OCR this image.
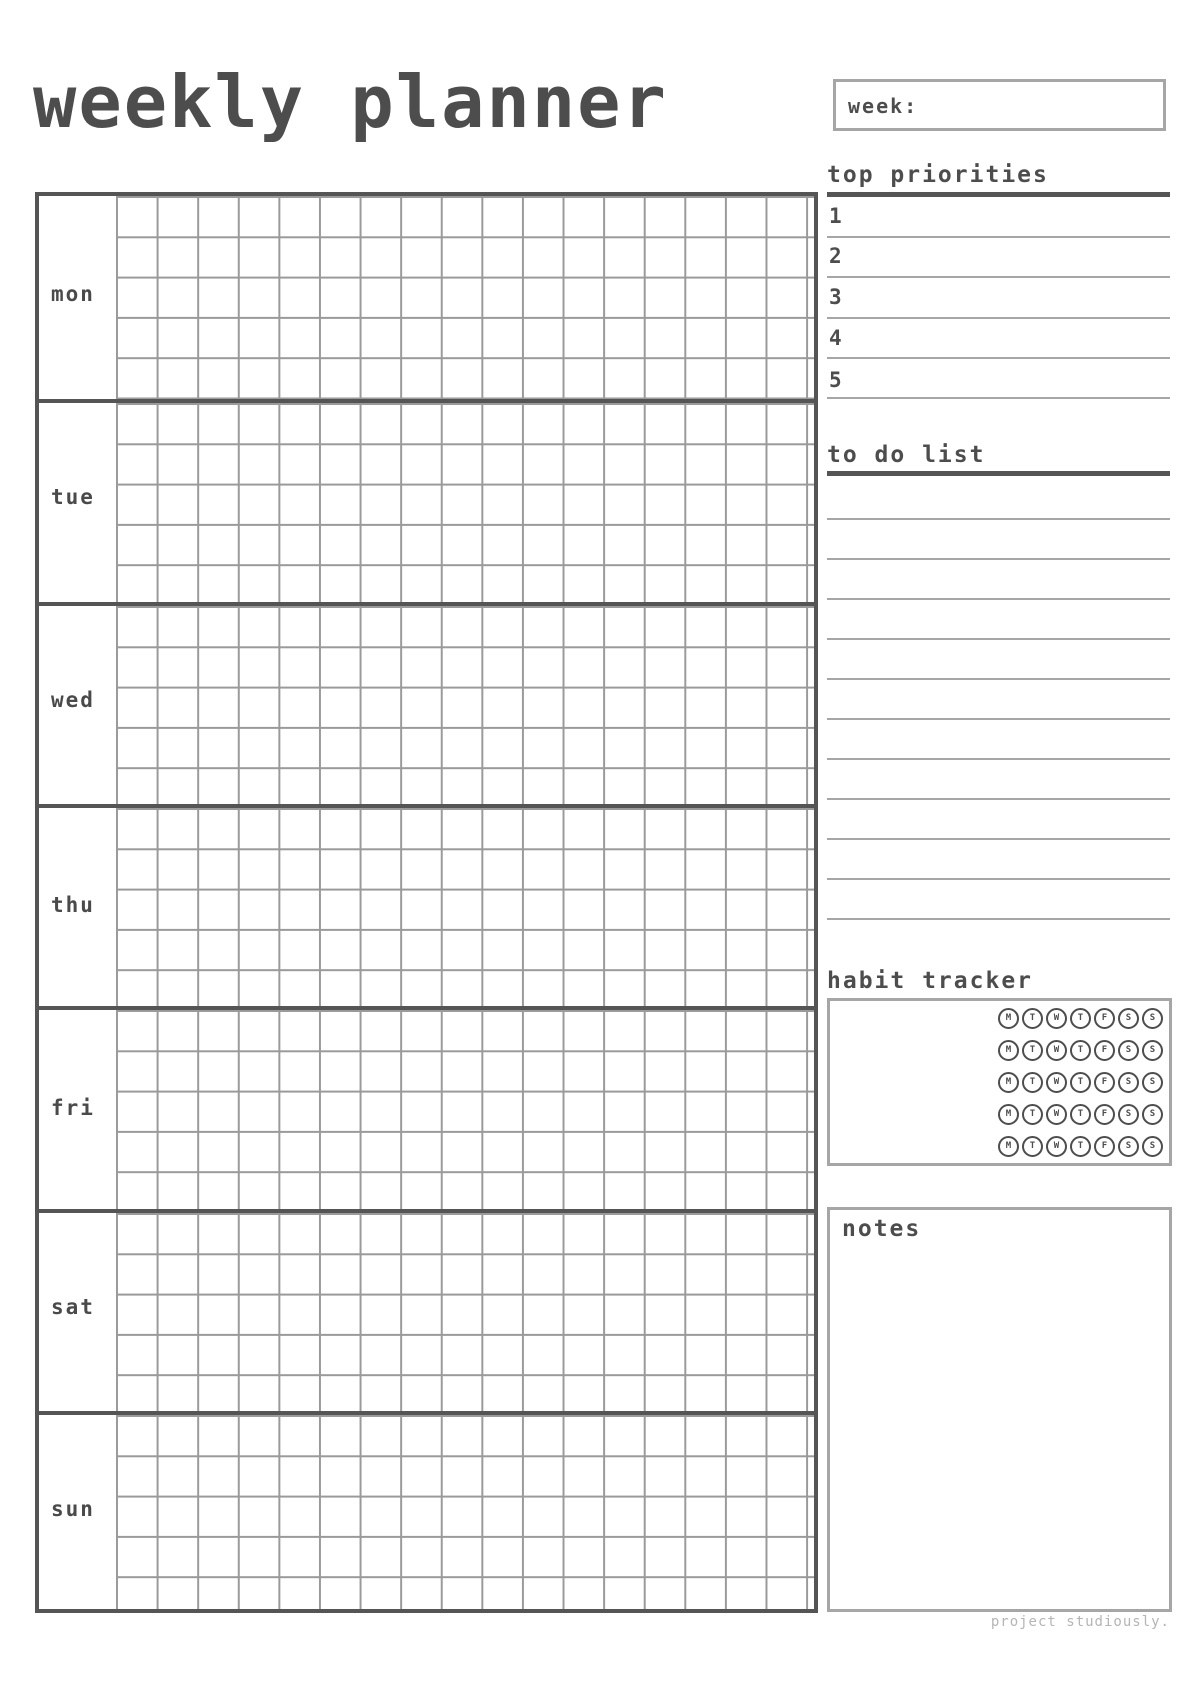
weekly planner	week:
mon
tue
wed
thu
fri
sat
sun
top priorities
1
2
3
4
5
to do list
habit tracker
M	T	W	T	F	S	S
M	T	W	T	F	S	S
M	T	W	T	F	S	S
M	T	W	T	F	S	S
M	T	W	T	F	S	S
notes
project studiously.
